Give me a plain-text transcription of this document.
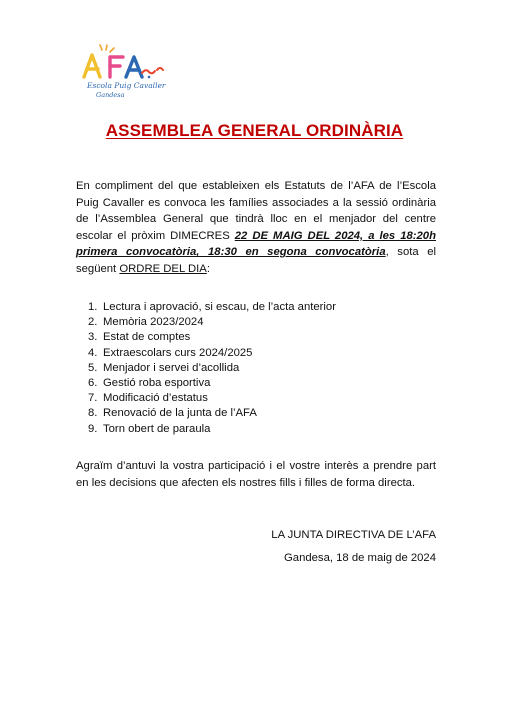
Escola Puig Cavaller
Gandesa
ASSEMBLEA GENERAL ORDINÀRIA

En compliment del que estableixen els Estatuts de l’AFA de l’Escola Puig Cavaller es convoca les famílies associades a la sessió ordinària de l’Assemblea General que tindrà lloc en el menjador del centre escolar el pròxim DIMECRES 22 DE MAIG DEL 2024, a les 18:20h primera convocatòria, 18:30 en segona convocatòria, sota el següent ORDRE DEL DIA:

1. Lectura i aprovació, si escau, de l’acta anterior
2. Memòria 2023/2024
3. Estat de comptes
4. Extraescolars curs 2024/2025
5. Menjador i servei d’acollida
6. Gestió roba esportiva
7. Modificació d’estatus
8. Renovació de la junta de l’AFA
9. Torn obert de paraula

Agraïm d’antuvi la vostra participació i el vostre interès a prendre part en les decisions que afecten els nostres fills i filles de forma directa.

LA JUNTA DIRECTIVA DE L’AFA
Gandesa, 18 de maig de 2024
